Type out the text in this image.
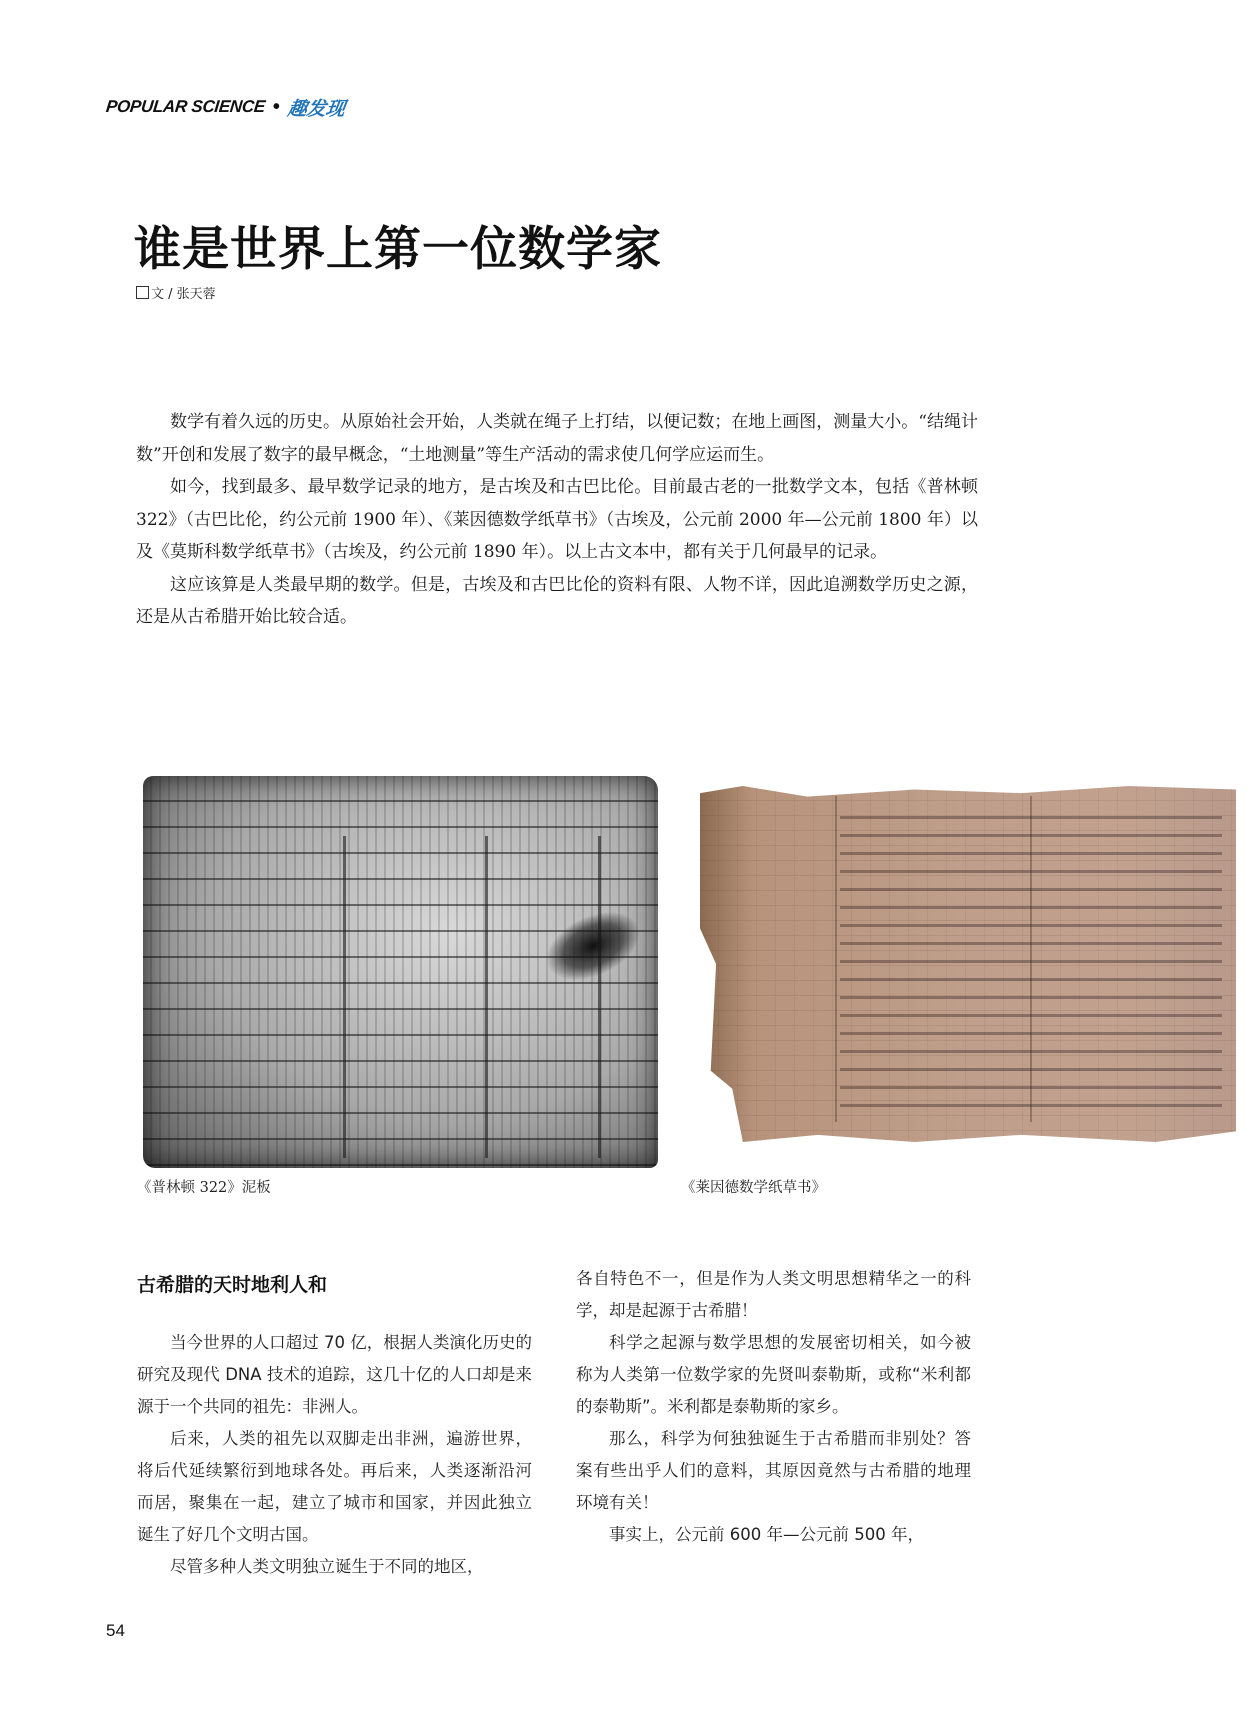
POPULAR SCIENCE • 趣发现
谁是世界上第一位数学家
文 / 张天蓉

数学有着久远的历史。从原始社会开始，人类就在绳子上打结，以便记数；在地上画图，测量大小。“结绳计数”开创和发展了数字的最早概念，“土地测量”等生产活动的需求使几何学应运而生。

如今，找到最多、最早数学记录的地方，是古埃及和古巴比伦。目前最古老的一批数学文本，包括《普林顿 322》（古巴比伦，约公元前 1900 年）、《莱因德数学纸草书》（古埃及，公元前 2000 年—公元前 1800 年）以及《莫斯科数学纸草书》（古埃及，约公元前 1890 年）。以上古文本中，都有关于几何最早的记录。

这应该算是人类最早期的数学。但是，古埃及和古巴比伦的资料有限、人物不详，因此追溯数学历史之源，还是从古希腊开始比较合适。

《普林顿 322》泥板	《莱因德数学纸草书》
古希腊的天时地利人和

当今世界的人口超过 70 亿，根据人类演化历史的研究及现代 DNA 技术的追踪，这几十亿的人口却是来源于一个共同的祖先：非洲人。

后来，人类的祖先以双脚走出非洲，遍游世界，将后代延续繁衍到地球各处。再后来，人类逐渐沿河而居，聚集在一起，建立了城市和国家，并因此独立诞生了好几个文明古国。

尽管多种人类文明独立诞生于不同的地区，

各自特色不一，但是作为人类文明思想精华之一的科学，却是起源于古希腊！

科学之起源与数学思想的发展密切相关，如今被称为人类第一位数学家的先贤叫泰勒斯，或称“米利都的泰勒斯”。米利都是泰勒斯的家乡。

那么，科学为何独独诞生于古希腊而非别处？答案有些出乎人们的意料，其原因竟然与古希腊的地理环境有关！

事实上，公元前 600 年—公元前 500 年，

54
